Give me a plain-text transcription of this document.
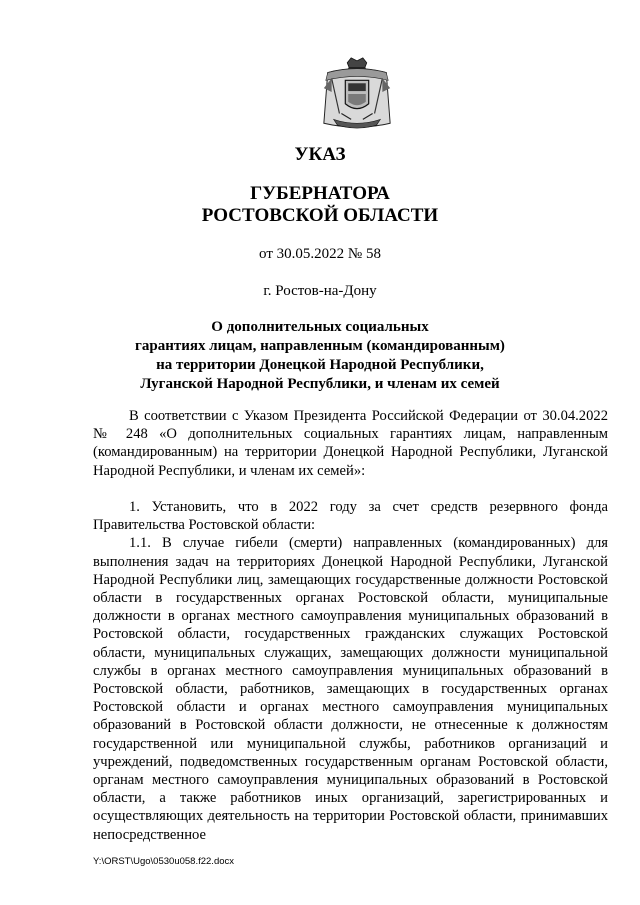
УКАЗ
ГУБЕРНАТОРА
РОСТОВСКОЙ ОБЛАСТИ
от 30.05.2022 № 58
г. Ростов-на-Дону
О дополнительных социальных
гарантиях лицам, направленным (командированным)
на территории Донецкой Народной Республики,
Луганской Народной Республики, и членам их семей

В соответствии с Указом Президента Российской Федерации от 30.04.2022 № 248 «О дополнительных социальных гарантиях лицам, направленным (командированным) на территории Донецкой Народной Республики, Луганской Народной Республики, и членам их семей»:

1. Установить, что в 2022 году за счет средств резервного фонда Правительства Ростовской области:

1.1. В случае гибели (смерти) направленных (командированных) для выполнения задач на территориях Донецкой Народной Республики, Луганской Народной Республики лиц, замещающих государственные должности Ростовской области в государственных органах Ростовской области, муниципальные должности в органах местного самоуправления муниципальных образований в Ростовской области, государственных гражданских служащих Ростовской области, муниципальных служащих, замещающих должности муниципальной службы в органах местного самоуправления муниципальных образований в Ростовской области, работников, замещающих в государственных органах Ростовской области и органах местного самоуправления муниципальных образований в Ростовской области должности, не отнесенные к должностям государственной или муниципальной службы, работников организаций и учреждений, подведомственных государственным органам Ростовской области, органам местного самоуправления муниципальных образований в Ростовской области, а также работников иных организаций, зарегистрированных и осуществляющих деятельность на территории Ростовской области, принимавших непосредственное

Y:\ORST\Ugo\0530u058.f22.docx
